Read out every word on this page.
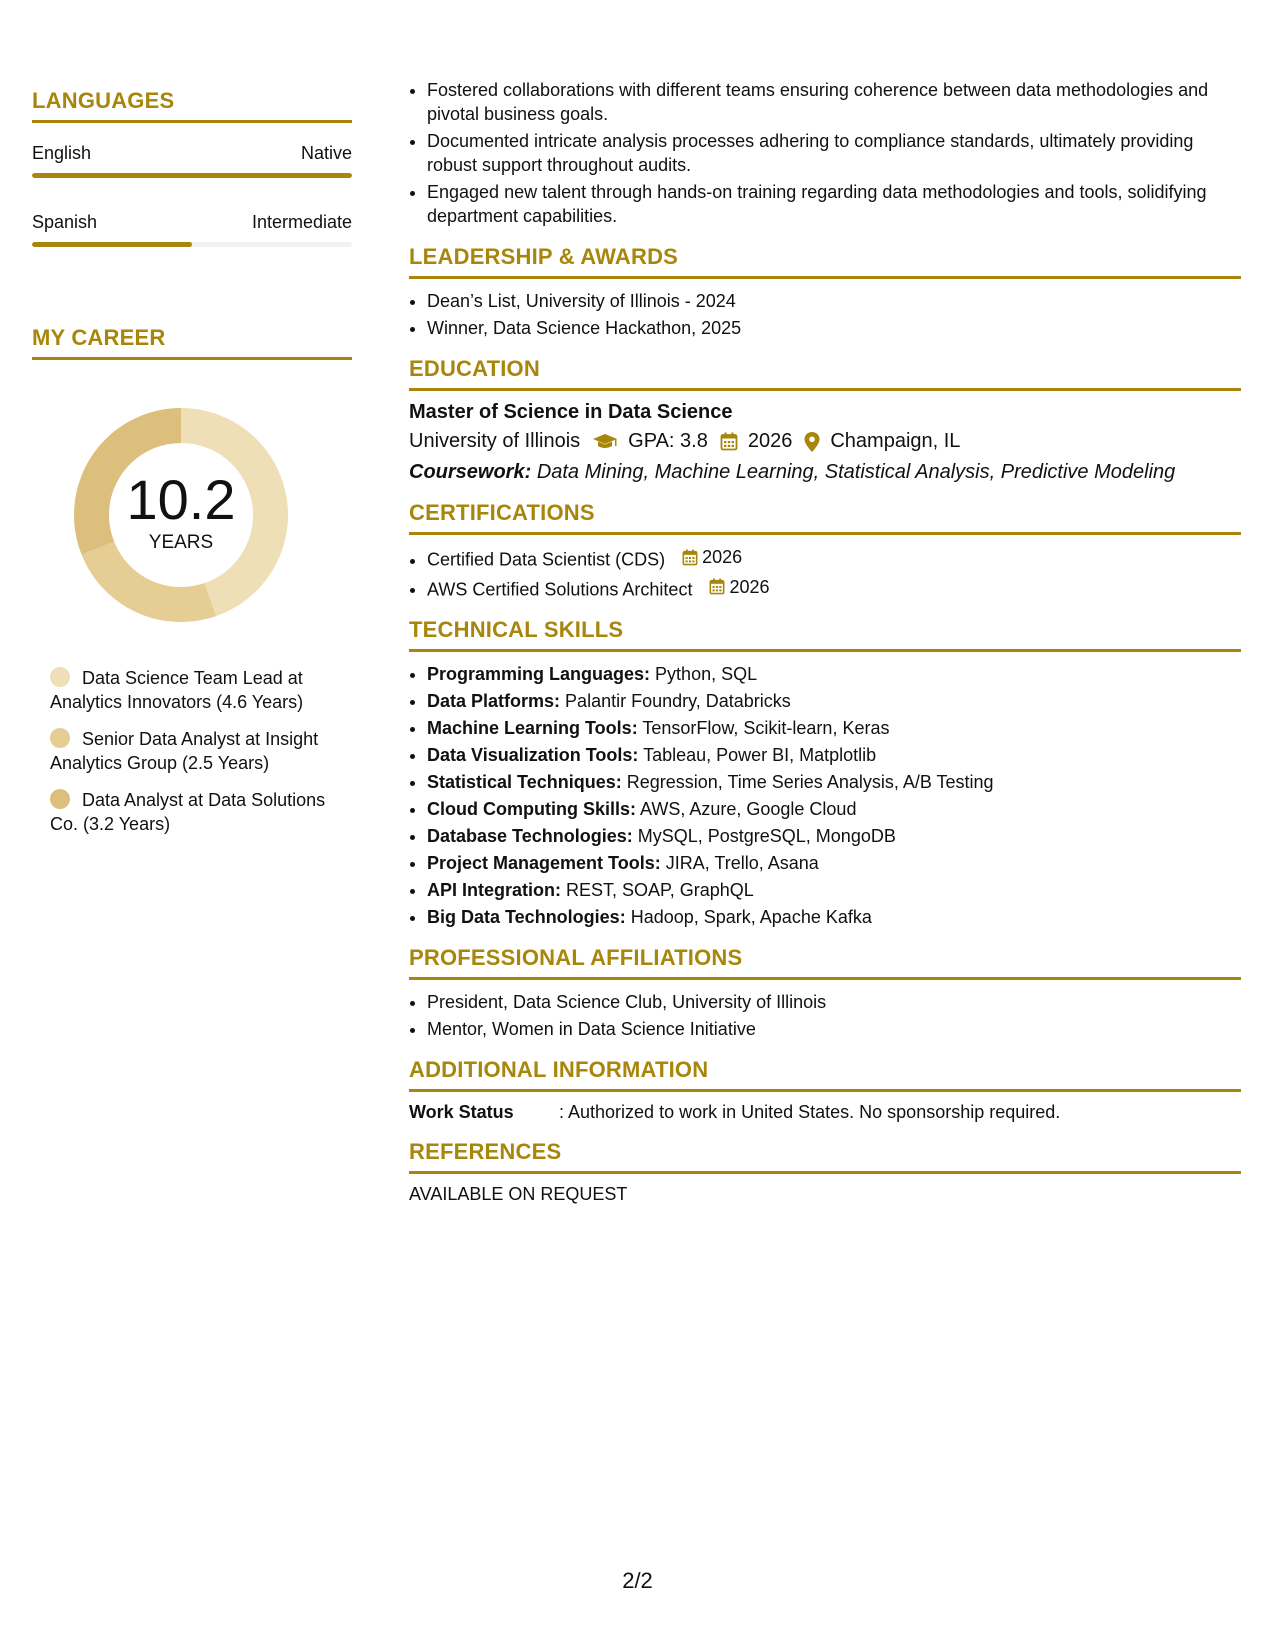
LANGUAGES
English	Native
Spanish	Intermediate
MY CAREER
10.2
YEARS
Data Science Team Lead at Analytics Innovators (4.6 Years)
Senior Data Analyst at Insight Analytics Group (2.5 Years)
Data Analyst at Data Solutions Co. (3.2 Years)
• Fostered collaborations with different teams ensuring coherence between data methodologies and pivotal business goals.
• Documented intricate analysis processes adhering to compliance standards, ultimately providing robust support throughout audits.
• Engaged new talent through hands-on training regarding data methodologies and tools, solidifying department capabilities.
LEADERSHIP & AWARDS
• Dean’s List, University of Illinois - 2024
• Winner, Data Science Hackathon, 2025
EDUCATION
Master of Science in Data Science
University of Illinois GPA: 3.8 2026 Champaign, IL
Coursework: Data Mining, Machine Learning, Statistical Analysis, Predictive Modeling
CERTIFICATIONS
• Certified Data Scientist (CDS) 2026
• AWS Certified Solutions Architect 2026
TECHNICAL SKILLS
• Programming Languages: Python, SQL
• Data Platforms: Palantir Foundry, Databricks
• Machine Learning Tools: TensorFlow, Scikit-learn, Keras
• Data Visualization Tools: Tableau, Power BI, Matplotlib
• Statistical Techniques: Regression, Time Series Analysis, A/B Testing
• Cloud Computing Skills: AWS, Azure, Google Cloud
• Database Technologies: MySQL, PostgreSQL, MongoDB
• Project Management Tools: JIRA, Trello, Asana
• API Integration: REST, SOAP, GraphQL
• Big Data Technologies: Hadoop, Spark, Apache Kafka
PROFESSIONAL AFFILIATIONS
• President, Data Science Club, University of Illinois
• Mentor, Women in Data Science Initiative
ADDITIONAL INFORMATION
Work Status	: Authorized to work in United States. No sponsorship required.
REFERENCES
AVAILABLE ON REQUEST
2/2
